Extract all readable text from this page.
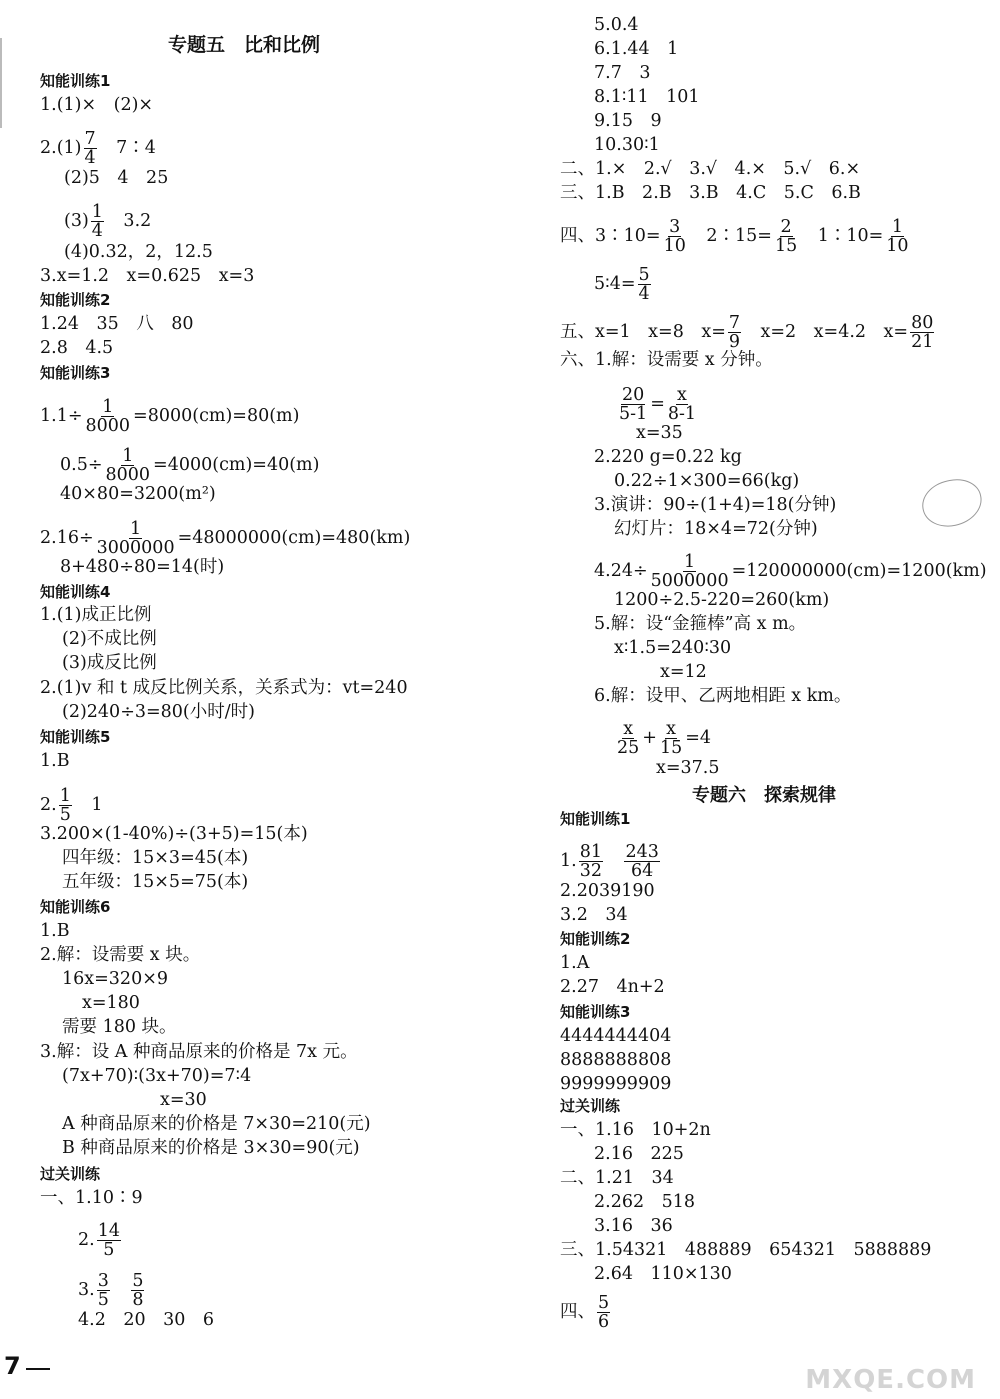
专题五　比和比例
知能训练1
1.(1)×　(2)×
$2.(1) \frac{7}{4}$ 　7∶4
(2)5　4　25
$(3) \frac{1}{4}$ 　3.2
(4)0.32，2，12.5
3.x=1.2　x=0.625　x=3
知能训练2
1.24　35　八　80
2.8　4.5
知能训练3
$1.1\div \frac{1}{8000} =8000(cm)=80(m)$
$0.5\div \frac{1}{8000} =4000(cm)=40(m)$
40×80=3200(m²)
$2.16\div \frac{1}{3000000} =48000000(cm)=480(km)$
8+480÷80=14(时)
知能训练4
1.(1)成正比例
(2)不成比例
(3)成反比例
2.(1)v 和 t 成反比例关系，关系式为：vt=240
(2)240÷3=80(小时/时)
知能训练5
1.B
2. $\frac{1}{5}$ 　1
3.200×(1-40%)÷(3+5)=15(本)
四年级：15×3=45(本)
五年级：15×5=75(本)
知能训练6
1.B
2.解：设需要 x 块。
16x=320×9
x=180
需要 180 块。
3.解：设 A 种商品原来的价格是 7x 元。
(7x+70)∶(3x+70)=7∶4
x=30
A 种商品原来的价格是 7×30=210(元)
B 种商品原来的价格是 3×30=90(元)
过关训练
一、1.10∶9
2. $\frac{14}{5}$
3. $\frac{3}{5}$
　 $\frac{5}{8}$
4.2　20　30　6
5.0.4
6.1.44　1
7.7　3
8.1∶11　101
9.15　9
10.30∶1
二、1.×　2.√　3.√　4.×　5.√　6.×
三、1.B　2.B　3.B　4.C　5.C　6.B
四、3∶10= $\frac{3}{10}$ 　2∶15= $\frac{2}{15}$ 　1∶10= $\frac{1}{10}$
5∶4= $\frac{5}{4}$
五、x=1　x=8　$x= \frac{7}{9}$ 　x=2　x=4.2　$x= \frac{80}{21}$
六、1.解：设需要 x 分钟。
$\frac{20}{5-1} = \frac{x}{8-1}$
x=35
2.220 g=0.22 kg
0.22÷1×300=66(kg)
3.演讲：90÷(1+4)=18(分钟)
幻灯片：18×4=72(分钟)
$4.24\div \frac{1}{5000000} =120000000(cm)=1200(km)$
1200÷2.5-220=260(km)
5.解：设“金箍棒”高 x m。
x∶1.5=240∶30
x=12
6.解：设甲、乙两地相距 x km。
$\frac{x}{25} + \frac{x}{15} =4$
x=37.5
专题六　探索规律
知能训练1
1. $\frac{81}{32}$
　 $\frac{243}{64}$
2.2039190
3.2　34
知能训练2
1.A
2.27　4n+2
知能训练3
4444444404
8888888808
9999999909
过关训练
一、1.16　10+2n
2.16　225
二、1.21　34
2.262　518
3.16　36
三、1.54321　488889　654321　5888889
2.64　110×130
四、 $\frac{5}{6}$
7	MXQE.COM
